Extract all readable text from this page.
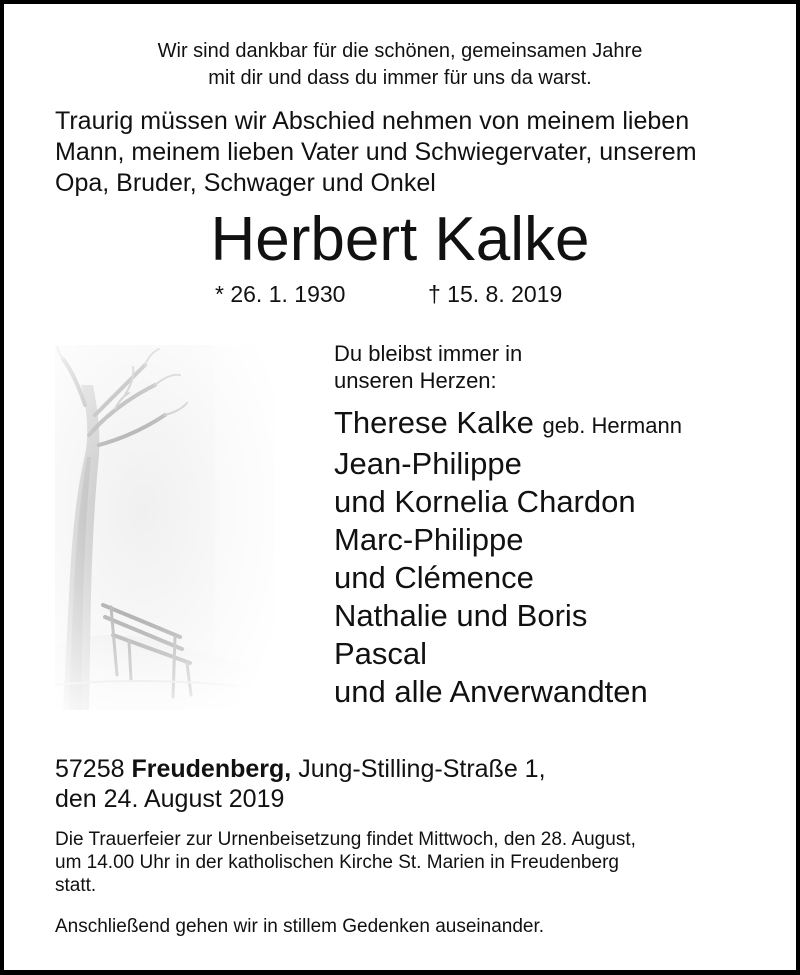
Wir sind dankbar für die schönen, gemeinsamen Jahre
mit dir und dass du immer für uns da warst.
Traurig müssen wir Abschied nehmen von meinem lieben
Mann, meinem lieben Vater und Schwiegervater, unserem
Opa, Bruder, Schwager und Onkel
Herbert Kalke
* 26. 1. 1930	† 15. 8. 2019
Du bleibst immer in
unseren Herzen:
Therese Kalke geb. Hermann
Jean-Philippe
und Kornelia Chardon
Marc-Philippe
und Clémence
Nathalie und Boris
Pascal
und alle Anverwandten
57258 Freudenberg, Jung-Stilling-Straße 1,
den 24. August 2019
Die Trauerfeier zur Urnenbeisetzung findet Mittwoch, den 28. August,
um 14.00 Uhr in der katholischen Kirche St. Marien in Freudenberg
statt.
Anschließend gehen wir in stillem Gedenken auseinander.
